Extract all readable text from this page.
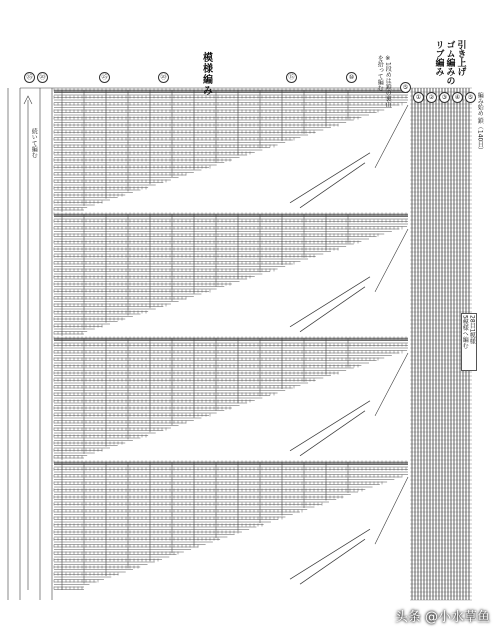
㉟	⑳	㉕	⑳	⑮	⑩
⑤
①	②	③	④	⑤
模様編み	引き上げ
ゴム編みの
リブ編み
※1段めは鎖の裏山
を拾って編む
編み始め 鎖（140目）
続いて編む
28目1模様
5模様へ編む
头条 @小水草鱼
